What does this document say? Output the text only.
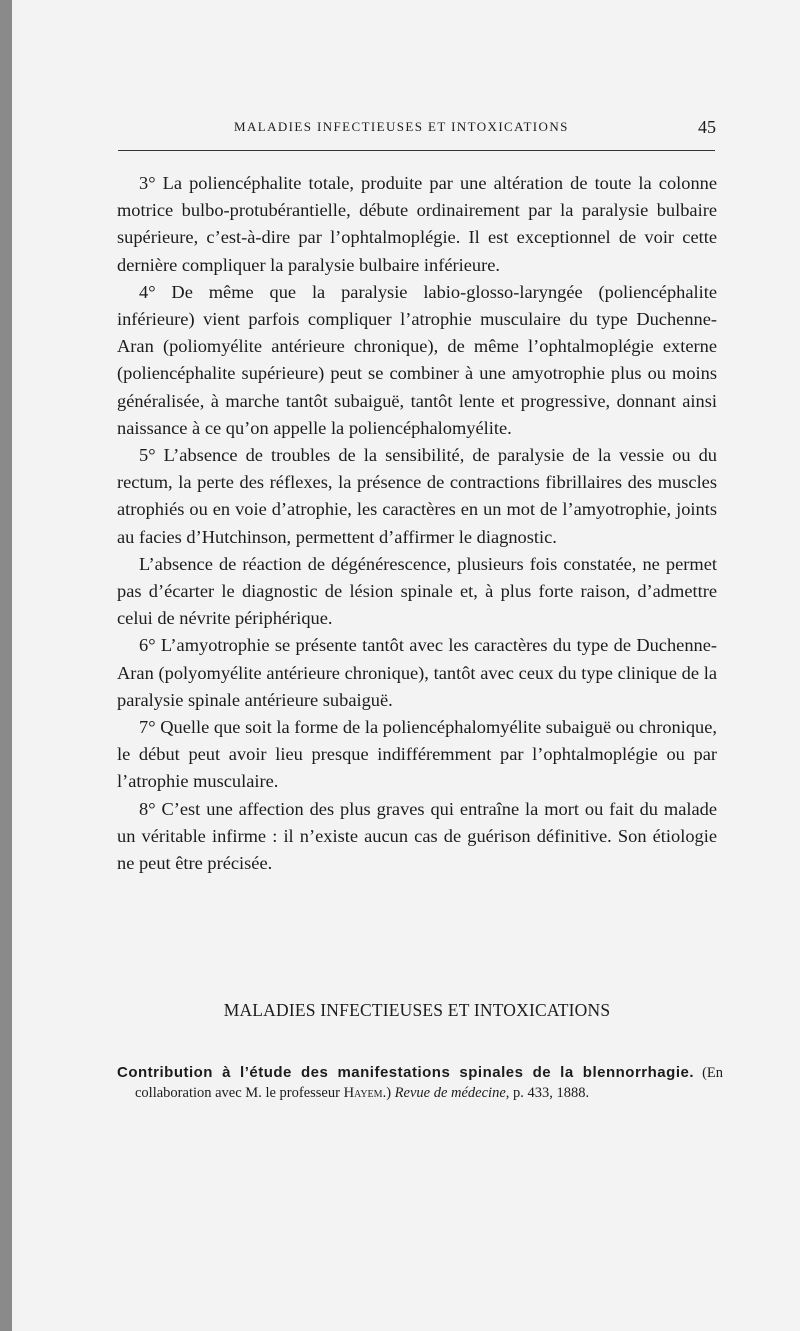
MALADIES INFECTIEUSES ET INTOXICATIONS	45

3° La poliencéphalite totale, produite par une altération de toute la colonne motrice bulbo-protubérantielle, débute ordinairement par la paralysie bulbaire supérieure, c’est-à-dire par l’ophtalmoplégie. Il est exceptionnel de voir cette dernière compliquer la paralysie bulbaire inférieure.

4° De même que la paralysie labio-glosso-laryngée (poliencéphalite inférieure) vient parfois compliquer l’atrophie musculaire du type Duchenne-Aran (poliomyélite antérieure chronique), de même l’ophtalmoplégie externe (poliencéphalite supérieure) peut se combiner à une amyotrophie plus ou moins généralisée, à marche tantôt subaiguë, tantôt lente et progressive, donnant ainsi naissance à ce qu’on appelle la poliencéphalomyélite.

5° L’absence de troubles de la sensibilité, de paralysie de la vessie ou du rectum, la perte des réflexes, la présence de contractions fibrillaires des muscles atrophiés ou en voie d’atrophie, les caractères en un mot de l’amyotrophie, joints au facies d’Hutchinson, permettent d’affirmer le diagnostic.

L’absence de réaction de dégénérescence, plusieurs fois constatée, ne permet pas d’écarter le diagnostic de lésion spinale et, à plus forte raison, d’admettre celui de névrite périphérique.

6° L’amyotrophie se présente tantôt avec les caractères du type de Duchenne-Aran (polyomyélite antérieure chronique), tantôt avec ceux du type clinique de la paralysie spinale antérieure subaiguë.

7° Quelle que soit la forme de la poliencéphalomyélite subaiguë ou chronique, le début peut avoir lieu presque indifféremment par l’ophtalmoplégie ou par l’atrophie musculaire.

8° C’est une affection des plus graves qui entraîne la mort ou fait du malade un véritable infirme : il n’existe aucun cas de guérison définitive. Son étiologie ne peut être précisée.

MALADIES INFECTIEUSES ET INTOXICATIONS
Contribution à l’étude des manifestations spinales de la blennorrhagie. (En collaboration avec M. le professeur Hayem.) Revue de médecine, p. 433, 1888.
